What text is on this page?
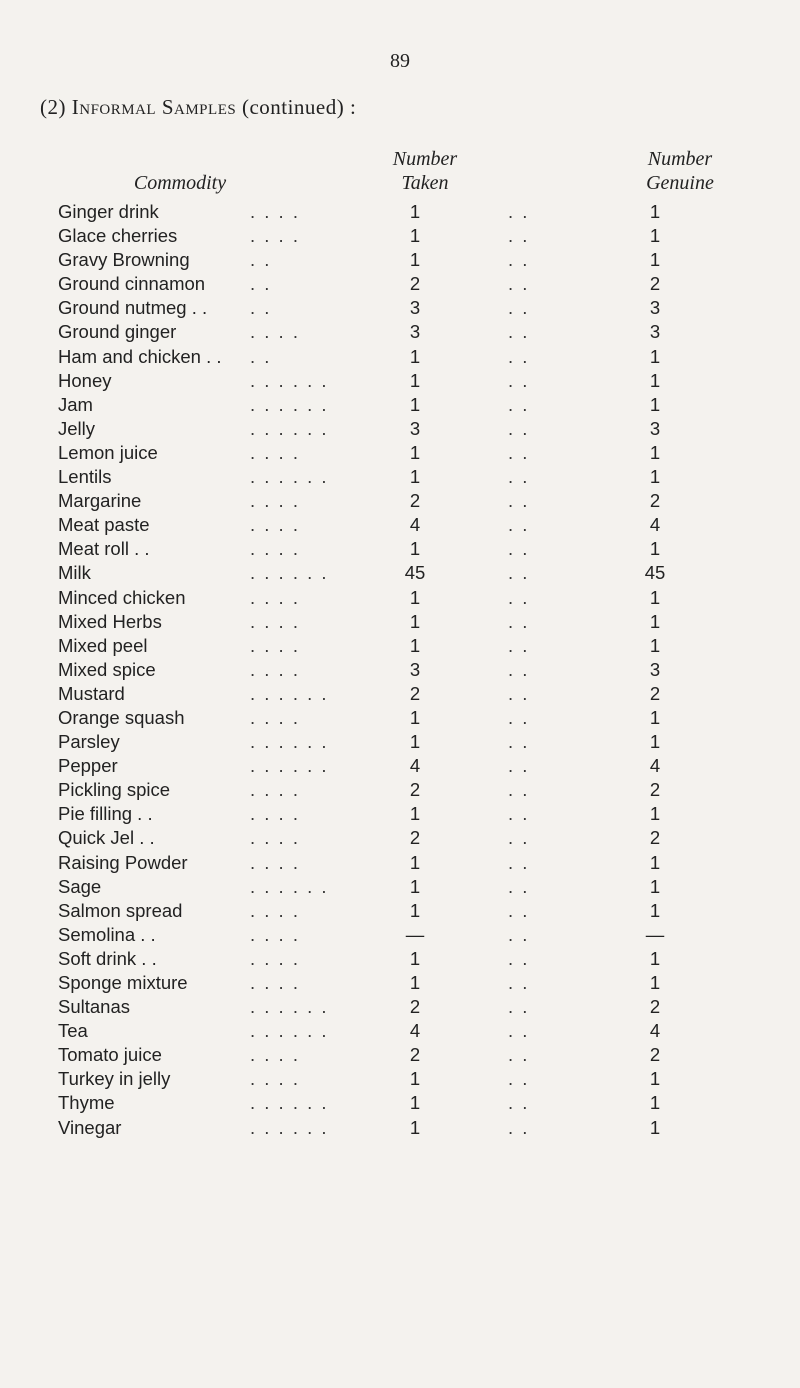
89
(2) Informal Samples (continued) :
Commodity
Number
Taken
Number
Genuine
Ginger drink	. . . .	1	. .	1
Glace cherries	. . . .	1	. .	1
Gravy Browning	. .	1	. .	1
Ground cinnamon . .	2	. .	2
Ground nutmeg . . . .	3	. .	3
Ground ginger	. . . .	3	. .	3
Ham and chicken . . . .	1	. .	1
Honey	. . . . . .	1	. .	1
Jam	. . . . . .	1	. .	1
Jelly	. . . . . .	3	. .	3
Lemon juice	. . . .	1	. .	1
Lentils	. . . . . .	1	. .	1
Margarine	. . . .	2	. .	2
Meat paste	. . . .	4	. .	4
Meat roll . .	. . . .	1	. .	1
Milk	. . . . . .	45	. .	45
Minced chicken	. . . .	1	. .	1
Mixed Herbs	. . . .	1	. .	1
Mixed peel	. . . .	1	. .	1
Mixed spice	. . . .	3	. .	3
Mustard	. . . . . .	2	. .	2
Orange squash	. . . .	1	. .	1
Parsley	. . . . . .	1	. .	1
Pepper	. . . . . .	4	. .	4
Pickling spice	. . . .	2	. .	2
Pie filling . .	. . . .	1	. .	1
Quick Jel . .	. . . .	2	. .	2
Raising Powder	. . . .	1	. .	1
Sage	. . . . . .	1	. .	1
Salmon spread	. . . .	1	. .	1
Semolina . .	. . . .	—	. .	—
Soft drink . .	. . . .	1	. .	1
Sponge mixture	. . . .	1	. .	1
Sultanas	. . . . . .	2	. .	2
Tea	. . . . . .	4	. .	4
Tomato juice	. . . .	2	. .	2
Turkey in jelly	. . . .	1	. .	1
Thyme	. . . . . .	1	. .	1
Vinegar	. . . . . .	1	. .	1
